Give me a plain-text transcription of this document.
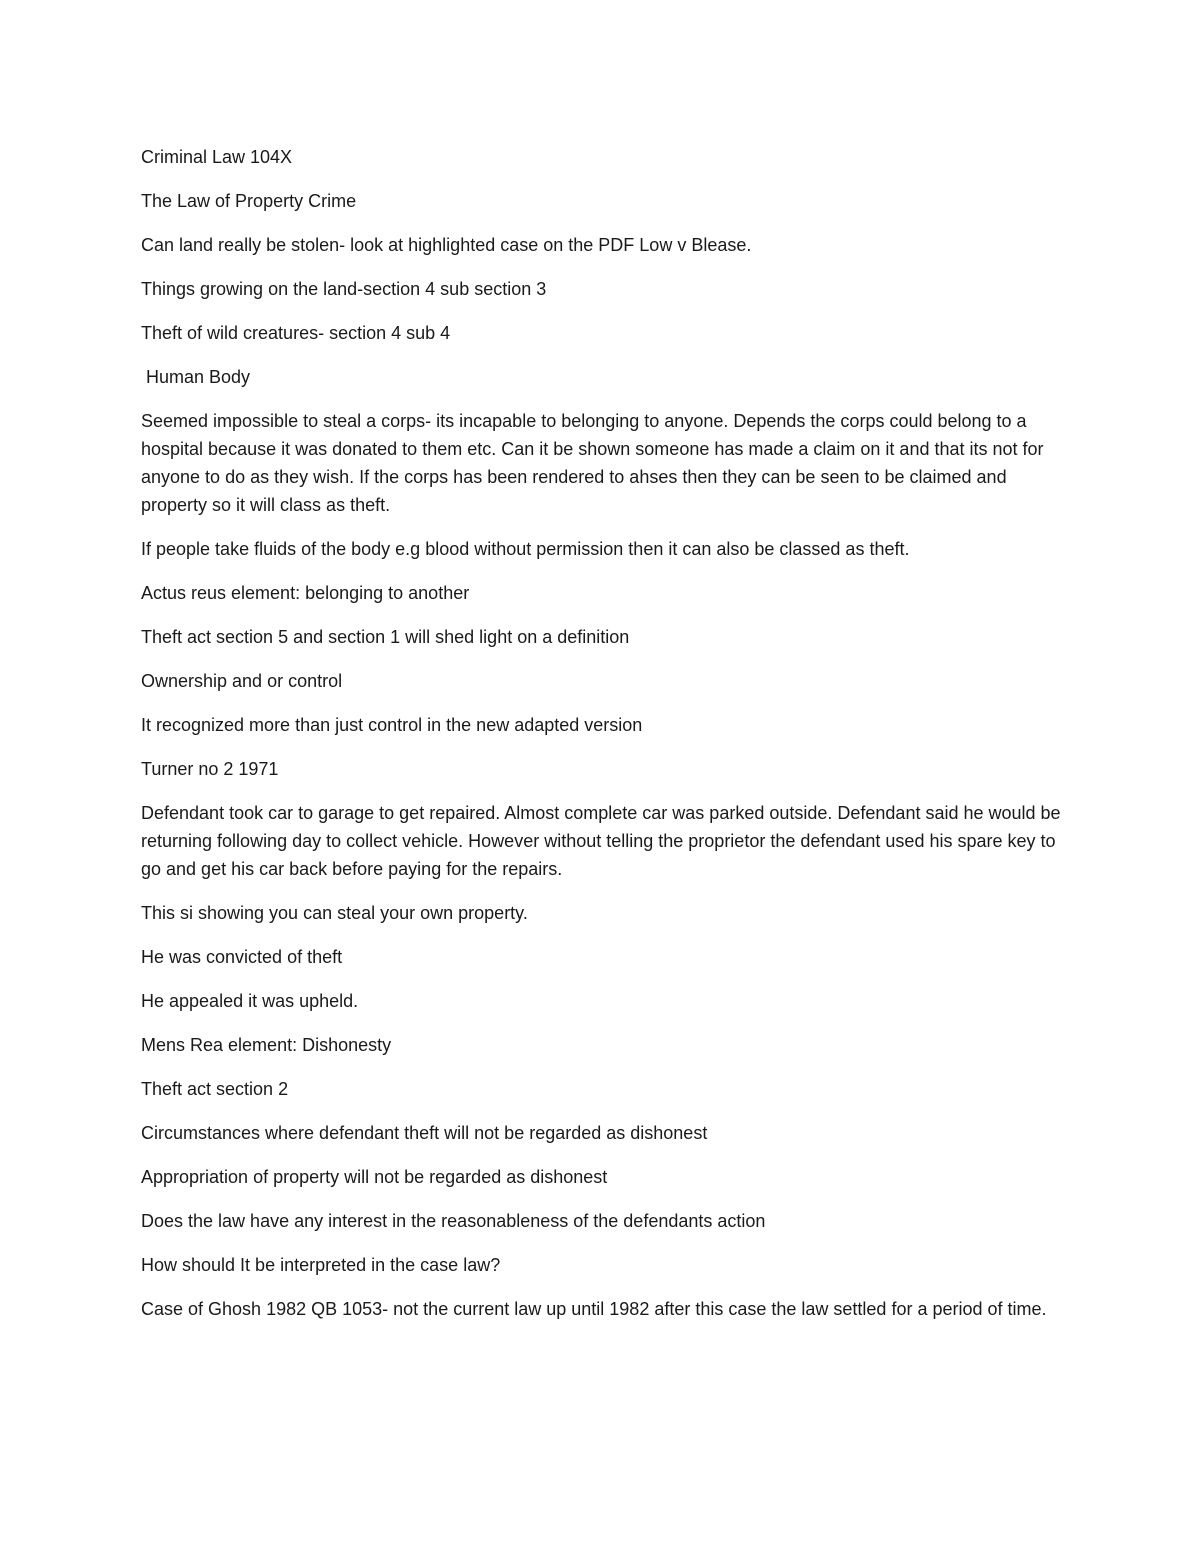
Criminal Law 104X

The Law of Property Crime

Can land really be stolen- look at highlighted case on the PDF Low v Blease.

Things growing on the land-section 4 sub section 3

Theft of wild creatures- section 4 sub 4

Human Body

Seemed impossible to steal a corps- its incapable to belonging to anyone. Depends the corps could belong to a hospital because it was donated to them etc. Can it be shown someone has made a claim on it and that its not for anyone to do as they wish. If the corps has been rendered to ahses then they can be seen to be claimed and property so it will class as theft.

If people take fluids of the body e.g blood without permission then it can also be classed as theft.

Actus reus element: belonging to another

Theft act section 5 and section 1 will shed light on a definition

Ownership and or control

It recognized more than just control in the new adapted version

Turner no 2 1971

Defendant took car to garage to get repaired. Almost complete car was parked outside. Defendant said he would be returning following day to collect vehicle. However without telling the proprietor the defendant used his spare key to go and get his car back before paying for the repairs.

This si showing you can steal your own property.

He was convicted of theft

He appealed it was upheld.

Mens Rea element: Dishonesty

Theft act section 2

Circumstances where defendant theft will not be regarded as dishonest

Appropriation of property will not be regarded as dishonest

Does the law have any interest in the reasonableness of the defendants action

How should It be interpreted in the case law?

Case of Ghosh 1982 QB 1053- not the current law up until 1982 after this case the law settled for a period of time.
